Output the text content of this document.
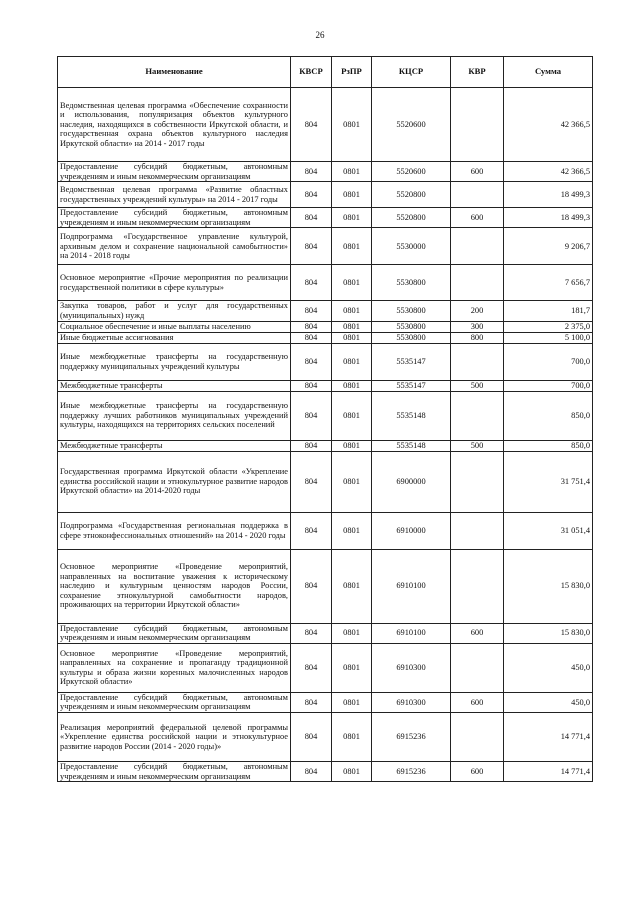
26
Наименование	КВСР	РзПР	КЦСР	КВР	Сумма
Ведомственная целевая программа «Обеспечение сохранности и использования, популяризация объектов культурного наследия, находящихся в собственности Иркутской области, и государственная охрана объектов культурного наследия Иркутской области» на 2014 - 2017 годы	804	0801	5520600		42 366,5
Предоставление субсидий бюджетным, автономным учреждениям и иным некоммерческим организациям	804	0801	5520600	600	42 366,5
Ведомственная целевая программа «Развитие областных государственных учреждений культуры» на 2014 - 2017 годы	804	0801	5520800		18 499,3
Предоставление субсидий бюджетным, автономным учреждениям и иным некоммерческим организациям	804	0801	5520800	600	18 499,3
Подпрограмма «Государственное управление культурой, архивным делом и сохранение национальной самобытности» на 2014 - 2018 годы	804	0801	5530000		9 206,7
Основное мероприятие «Прочие мероприятия по реализации государственной политики в сфере культуры»	804	0801	5530800		7 656,7
Закупка товаров, работ и услуг для государственных (муниципальных) нужд	804	0801	5530800	200	181,7
Социальное обеспечение и иные выплаты населению	804	0801	5530800	300	2 375,0
Иные бюджетные ассигнования	804	0801	5530800	800	5 100,0
Иные межбюджетные трансферты на государственную поддержку муниципальных учреждений культуры	804	0801	5535147		700,0
Межбюджетные трансферты	804	0801	5535147	500	700,0
Иные межбюджетные трансферты на государственную поддержку лучших работников муниципальных учреждений культуры, находящихся на территориях сельских поселений	804	0801	5535148		850,0
Межбюджетные трансферты	804	0801	5535148	500	850,0
Государственная программа Иркутской области «Укрепление единства российской нации и этнокультурное развитие народов Иркутской области» на 2014-2020 годы	804	0801	6900000		31 751,4
Подпрограмма «Государственная региональная поддержка в сфере этноконфессиональных отношений» на 2014 - 2020 годы	804	0801	6910000		31 051,4
Основное мероприятие «Проведение мероприятий, направленных на воспитание уважения к историческому наследию и культурным ценностям народов России, сохранение этнокультурной самобытности народов, проживающих на территории Иркутской области»	804	0801	6910100		15 830,0
Предоставление субсидий бюджетным, автономным учреждениям и иным некоммерческим организациям	804	0801	6910100	600	15 830,0
Основное мероприятие «Проведение мероприятий, направленных на сохранение и пропаганду традиционной культуры и образа жизни коренных малочисленных народов Иркутской области»	804	0801	6910300		450,0
Предоставление субсидий бюджетным, автономным учреждениям и иным некоммерческим организациям	804	0801	6910300	600	450,0
Реализация мероприятий федеральной целевой программы «Укрепление единства российской нации и этнокультурное развитие народов России (2014 - 2020 годы)»	804	0801	6915236		14 771,4
Предоставление субсидий бюджетным, автономным учреждениям и иным некоммерческим организациям	804	0801	6915236	600	14 771,4
